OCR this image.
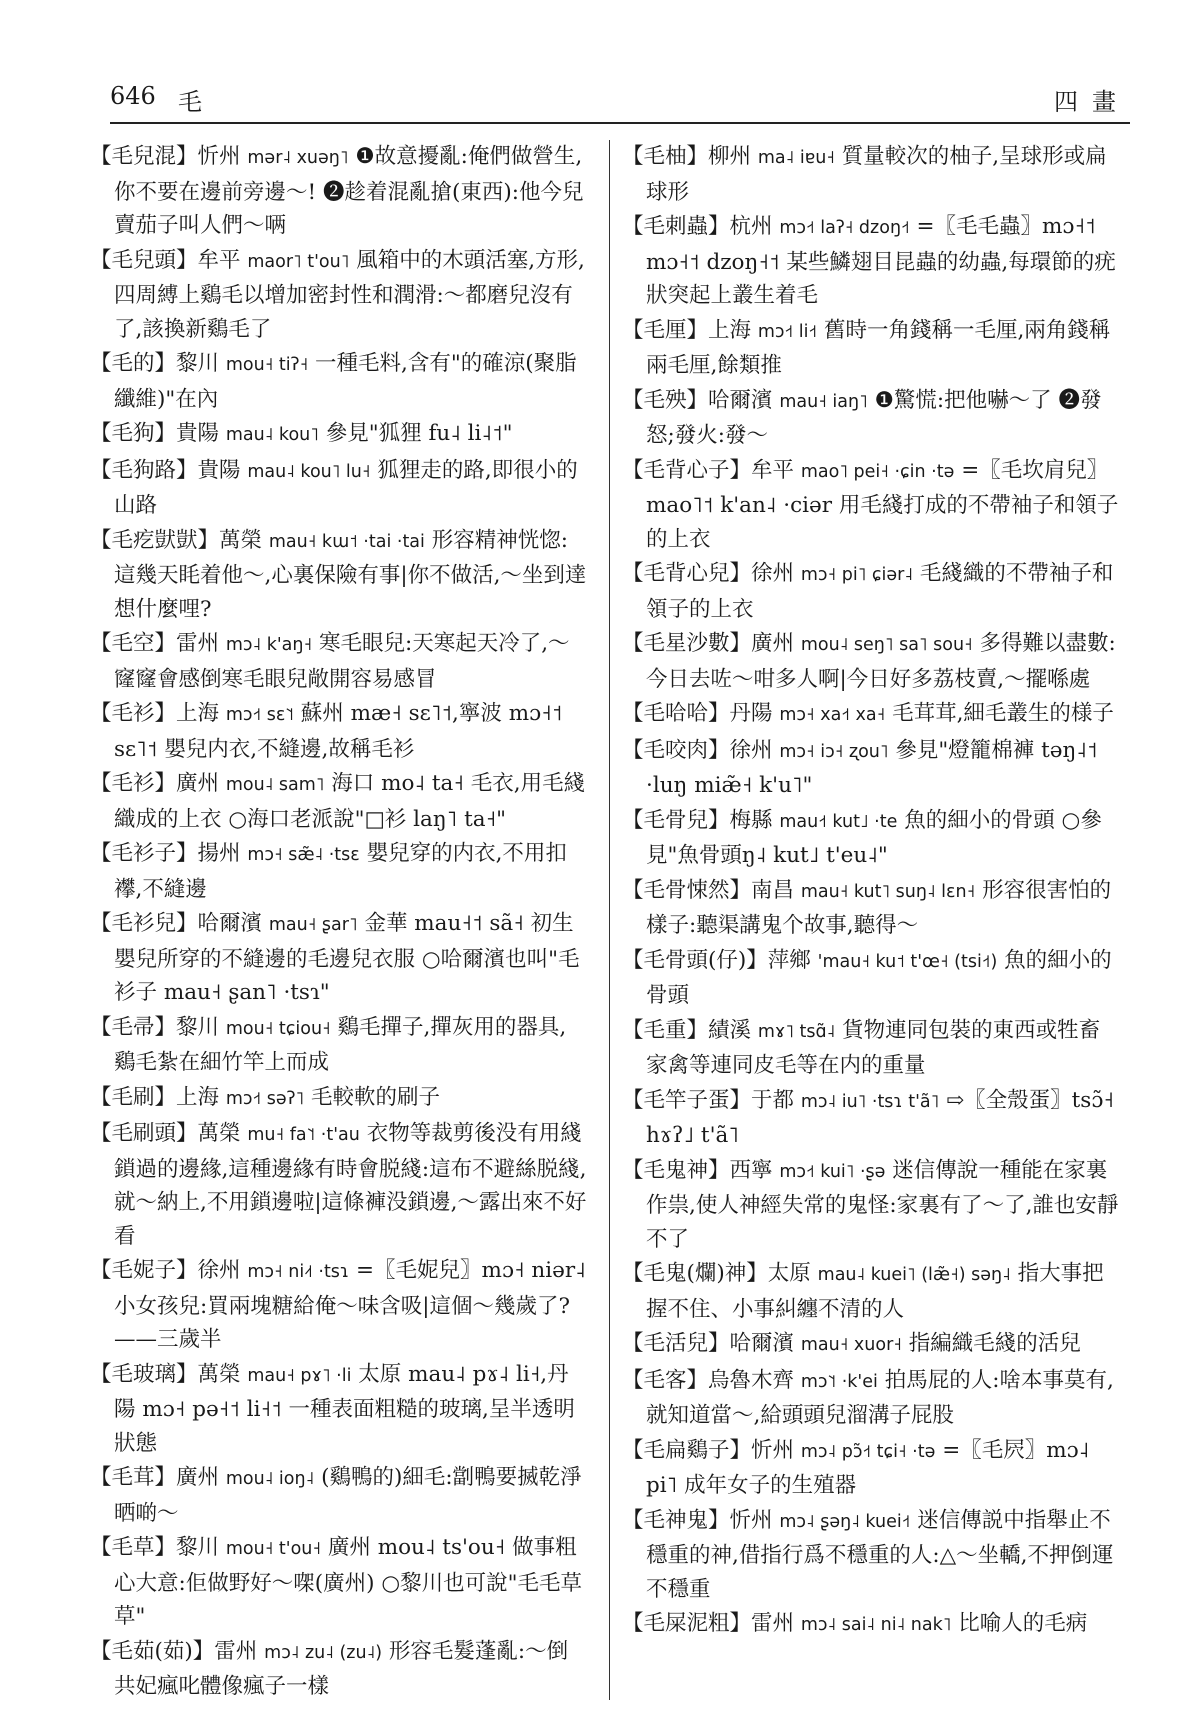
646 毛	四畫
【毛兒混】忻州 mər˨ xuəŋ˥ ❶故意擾亂:俺們做營生,你不要在邊前旁邊～! ❷趁着混亂搶(東西):他今兒賣茄子叫人們～唡
【毛兒頭】牟平 maor˥ t'ou˥ 風箱中的木頭活塞,方形,四周縛上鷄毛以增加密封性和潤滑:～都磨兒沒有了,該換新鷄毛了
【毛的】黎川 mou˧ tiʔ˧ 一種毛料,含有"的確涼(聚脂纖維)"在內
【毛狗】貴陽 mau˨ kou˥ 參見"狐狸 fu˨ li˨˦"
【毛狗路】貴陽 mau˨ kou˥ lu˧ 狐狸走的路,即很小的山路
【毛疙獃獃】萬榮 mau˧ kɯ˦ ·tai ·tai 形容精神恍惚:這幾天眊着他～,心裏保險有事|你不做活,～坐到達想什麼哩?
【毛空】雷州 mɔ˨ k'aŋ˧ 寒毛眼兒:天寒起天冷了,～窿窿會感倒寒毛眼兒敞開容易感冒
【毛衫】上海 mɔ˧˦ sɛ˥˦ 蘇州 mæ˧ sɛ˥˦,寧波 mɔ˧˦ sɛ˥˦ 嬰兒内衣,不縫邊,故稱毛衫
【毛衫】廣州 mou˨ sam˥ 海口 mo˨ ta˧ 毛衣,用毛綫織成的上衣 ○海口老派說"□衫 laŋ˥ ta˧"
【毛衫子】揚州 mɔ˧ sæ̃˨ ·tsɛ 嬰兒穿的内衣,不用扣襻,不縫邊
【毛衫兒】哈爾濱 mau˧ ʂar˥ 金華 mau˧˦ sã˧ 初生嬰兒所穿的不縫邊的毛邊兒衣服 ○哈爾濱也叫"毛衫子 mau˧ ʂan˥ ·tsɿ"
【毛帚】黎川 mou˧ tɕiou˧ 鷄毛撣子,撣灰用的器具,鷄毛紮在細竹竿上而成
【毛刷】上海 mɔ˧˦ səʔ˥ 毛較軟的刷子
【毛刷頭】萬榮 mu˧ fa˥˦ ·t'au 衣物等裁剪後没有用綫鎖過的邊緣,這種邊緣有時會脱綫:這布不避絲脱綫,就～納上,不用鎖邊啦|這條褲没鎖邊,～露出來不好看
【毛妮子】徐州 mɔ˧ ni˨˦ ·tsɿ =〖毛妮兒〗mɔ˧ niər˨ 小女孩兒:買兩塊糖給俺～味含吸|這個～幾歲了?——三歲半
【毛玻璃】萬榮 mau˧ pɤ˥ ·li 太原 mau˨ pɤ˨ li˧,丹陽 mɔ˧ pə˧˦ li˧˦ 一種表面粗糙的玻璃,呈半透明狀態
【毛茸】廣州 mou˨ ioŋ˨ (鷄鴨的)細毛:劏鴨要搣乾淨晒啲～
【毛草】黎川 mou˧ t'ou˧ 廣州 mou˨ ts'ou˧ 做事粗心大意:佢做野好～㗎(廣州) ○黎川也可說"毛毛草草"
【毛茹(茹)】雷州 mɔ˨ zu˨ (zu˨) 形容毛髮蓬亂:～倒共妃瘋叱體像瘋子一樣
【毛柚】柳州 ma˨ iɐu˧ 質量較次的柚子,呈球形或扁球形
【毛刺蟲】杭州 mɔ˧˦ laʔ˧ dzoŋ˧˦ =〖毛毛蟲〗mɔ˧˦ mɔ˧˦ dzoŋ˧˦ 某些鱗翅目昆蟲的幼蟲,每環節的疣狀突起上叢生着毛
【毛厘】上海 mɔ˧˦ li˧˦ 舊時一角錢稱一毛厘,兩角錢稱兩毛厘,餘類推
【毛殃】哈爾濱 mau˧ iaŋ˥ ❶驚慌:把他嚇～了 ❷發怒;發火:發～
【毛背心子】牟平 mao˥ pei˧ ·ɕin ·tə =〖毛坎肩兒〗mao˥˦ k'an˨ ·ciər 用毛綫打成的不帶袖子和領子的上衣
【毛背心兒】徐州 mɔ˧ pi˥ ɕiər˨ 毛綫織的不帶袖子和領子的上衣
【毛星沙數】廣州 mou˨ seŋ˥ sa˥ sou˧ 多得難以盡數:今日去咗～咁多人啊|今日好多荔枝賣,～擺喺處
【毛哈哈】丹陽 mɔ˧ xa˧˦ xa˧ 毛茸茸,細毛叢生的様子
【毛咬肉】徐州 mɔ˧ iɔ˧ ʐou˥ 參見"燈籠棉褲 təŋ˨˦ ·luŋ miæ̃˧ k'u˥"
【毛骨兒】梅縣 mau˧˦ kut˩ ·te 魚的細小的骨頭 ○參見"魚骨頭ŋ˨ kut˩ t'eu˨"
【毛骨悚然】南昌 mau˧ kut˥ suŋ˨ lɛn˧ 形容很害怕的樣子:聽渠講鬼个故事,聽得～
【毛骨頭(仔)】萍鄉 'mau˧ ku˦ t'œ˧ (tsi˧˦) 魚的細小的骨頭
【毛重】績溪 mɤ˥ tsɑ̃˨ 貨物連同包裝的東西或牲畜家禽等連同皮毛等在内的重量
【毛竿子蛋】于都 mɔ˨ iu˥ ·tsɿ t'ã˥ ⇨〖全殼蛋〗tsɔ̃˧ hɤʔ˩ t'ã˥
【毛鬼神】西寧 mɔ˧˦ kui˥ ·ʂə 迷信傳說一種能在家裏作祟,使人神經失常的鬼怪:家裏有了～了,誰也安靜不了
【毛鬼(爛)神】太原 mau˨ kuei˥ (læ̃˧) səŋ˨ 指大事把握不住、小事糾纏不清的人
【毛活兒】哈爾濱 mau˧ xuor˧ 指編織毛綫的活兒
【毛客】烏魯木齊 mɔ˥˦ ·k'ei 拍馬屁的人:啥本事莫有,就知道當～,給頭頭兒溜溝子屁股
【毛扁鷄子】忻州 mɔ˨ pɔ̃˧˦ tɕi˧ ·tə =〖毛屄〗mɔ˨ pi˥ 成年女子的生殖器
【毛神鬼】忻州 mɔ˨ ʂəŋ˨ kuei˧˦ 迷信傳説中指舉止不穩重的神,借指行爲不穩重的人:△～坐轎,不押倒運不穩重
【毛屎泥粗】雷州 mɔ˨ sai˨ ni˨ nak˥ 比喻人的毛病
